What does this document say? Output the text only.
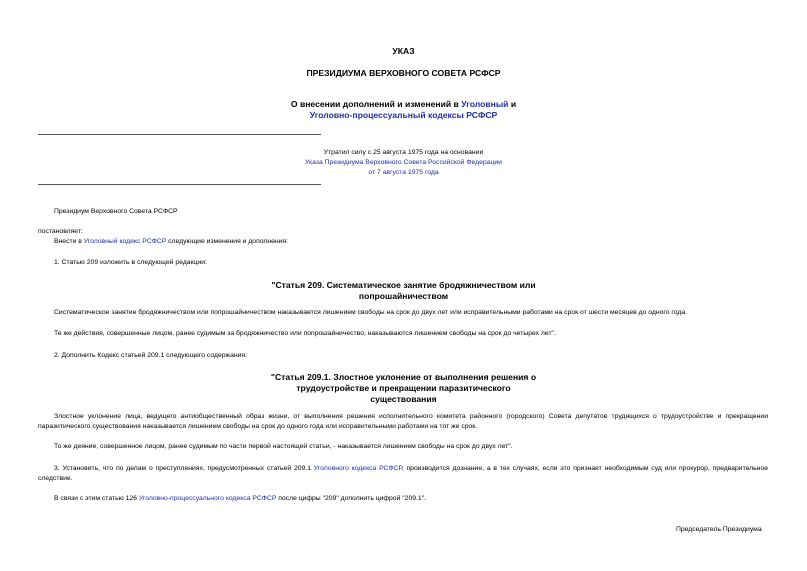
УКАЗ
ПРЕЗИДИУМА ВЕРХОВНОГО СОВЕТА РСФСР
О внесении дополнений и изменений в Уголовный и
Уголовно-процессуальный кодексы РСФСР
Утратил силу с 25 августа 1975 года на основании
Указа Президиума Верховного Совета Российской Федерации
от 7 августа 1975 года
Президиум Верховного Совета РСФСР
постановляет:
Внести в Уголовный кодекс РСФСР следующие изменения и дополнения:
1. Статью 209 изложить в следующей редакции:
"Статья 209. Систематическое занятие бродяжничеством или
попрошайничеством
Систематическое занятие бродяжничеством или попрошайничеством наказывается лишением свободы на срок до двух лет или исправительными работами на срок от шести месяцев до одного года.
Те же действия, совершенные лицом, ранее судимым за бродяжничество или попрошайничество, наказываются лишением свободы на срок до четырех лет".
2. Дополнить Кодекс статьей 209.1 следующего содержания:
"Статья 209.1. Злостное уклонение от выполнения решения о
трудоустройстве и прекращении паразитического
существования
Злостное уклонение лица, ведущего антиобщественный образ жизни, от выполнения решения исполнительного комитета районного (городского) Совета депутатов трудящихся о трудоустройстве и прекращении паразитического существования наказывается лишением свободы на срок до одного года или исправительными работами на тот же срок.
То же деяние, совершенное лицом, ранее судимым по части первой настоящей статьи, - наказывается лишением свободы на срок до двух лет".
3. Установить, что по делам о преступлениях, предусмотренных статьей 209.1 Уголовного кодекса РСФСР, производится дознание, а в тех случаях, если это признает необходимым суд или прокурор, предварительное следствие.
В связи с этим статью 126 Уголовно-процессуального кодекса РСФСР после цифры "209" дополнить цифрой "209.1".
Председатель Президиума
